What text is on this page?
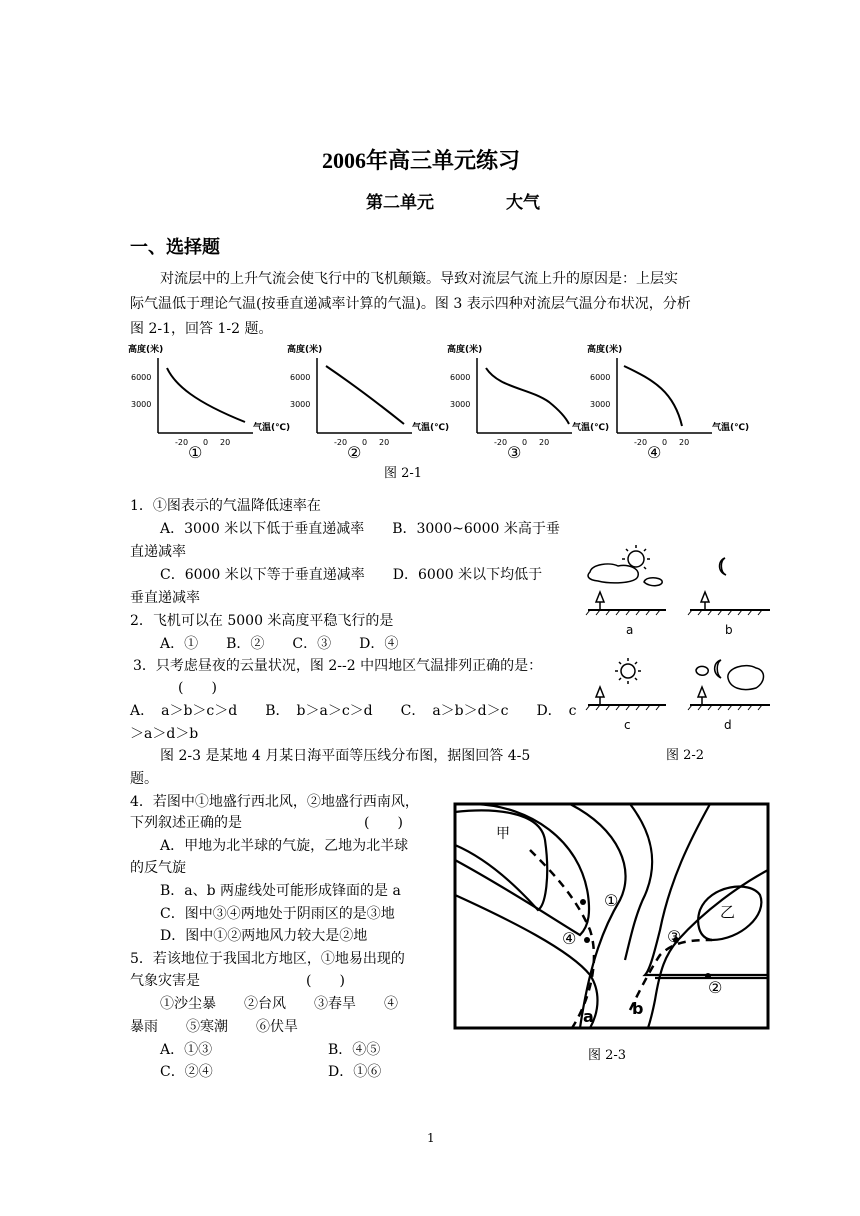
2006年高三单元练习
第二单元	大气
一、选择题
对流层中的上升气流会使飞行中的飞机颠簸。导致对流层气流上升的原因是：上层实
际气温低于理论气温(按垂直递减率计算的气温)。图 3 表示四种对流层气温分布状况，分析
图 2-1，回答 1-2 题。
高度(米)
气温(℃)
6000
3000
-20 0 20
①
高度(米)
气温(℃)
6000
3000
-20 0 20
②
高度(米)
气温(℃)
6000
3000
-20 0 20
③
高度(米)
气温(℃)
6000
3000
-20 0 20
④
图 2-1
1．①图表示的气温降低速率在
A．3000 米以下低于垂直递减率　　B．3000~6000 米高于垂
直递减率
C．6000 米以下等于垂直递减率　　D．6000 米以下均低于
垂直递减率
2．飞机可以在 5000 米高度平稳飞行的是
A．①　　B．②　　C．③　　D．④
3．只考虑昼夜的云量状况，图 2--2 中四地区气温排列正确的是：
(　　)
A．　a＞b＞c＞d　　B．　b＞a＞c＞d　　C．　a＞b＞d＞c　　D．　c
＞a＞d＞b
a	b
c	d
图 2-2
图 2-3 是某地 4 月某日海平面等压线分布图，据图回答 4-5
题。
4．若图中①地盛行西北风，②地盛行西南风，
下列叙述正确的是	(　　)
A．甲地为北半球的气旋，乙地为北半球
的反气旋
B．a、b 两虚线处可能形成锋面的是 a
C．图中③④两地处于阴雨区的是③地
D．图中①②两地风力较大是②地
5．若该地位于我国北方地区，①地易出现的
气象灾害是	(　　)
①沙尘暴　　②台风　　③春旱　　④
暴雨　　⑤寒潮　　⑥伏旱
A．①③	B．④⑤
C．②④	D．①⑥
甲
乙
①
②
③
④
a b
图 2-3
1
